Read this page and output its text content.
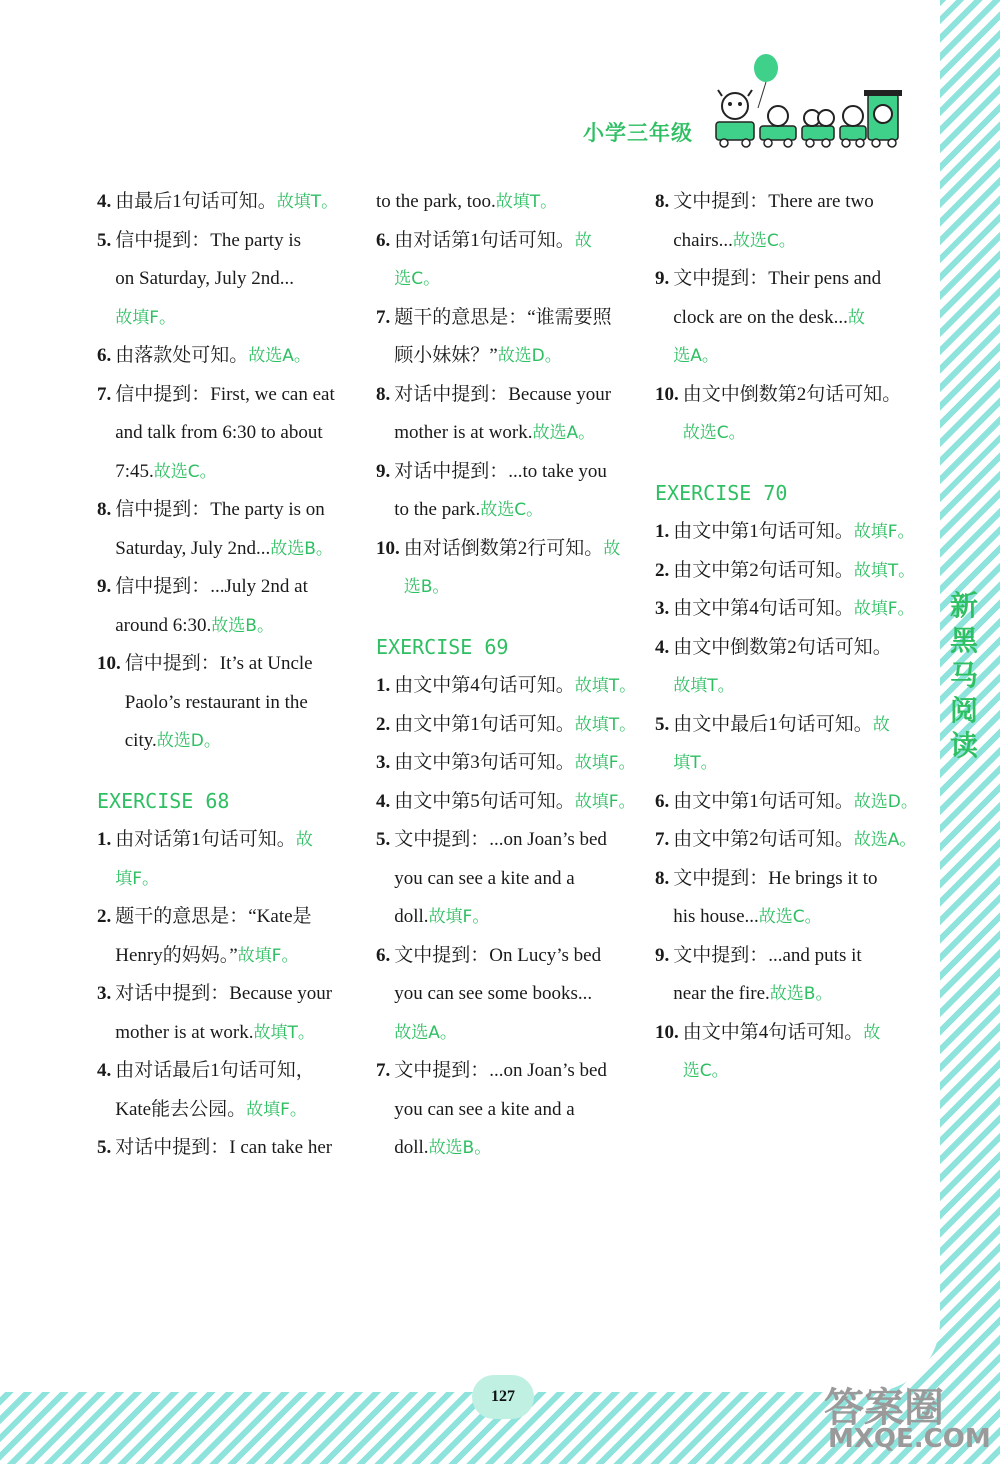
小学三年级
新
黑
马
阅
读
4. 由最后1句话可知。故填T。
5. 信中提到：The party is
on Saturday, July 2nd...
故填F。
6. 由落款处可知。故选A。
7. 信中提到：First, we can eat
and talk from 6:30 to about
7:45.故选C。
8. 信中提到：The party is on
Saturday, July 2nd...故选B。
9. 信中提到：...July 2nd at
around 6:30.故选B。
10. 信中提到：It’s at Uncle
Paolo’s restaurant in the
city.故选D。
EXERCISE 68
1. 由对话第1句话可知。故
填F。
2. 题干的意思是：“Kate是
Henry的妈妈。”故填F。
3. 对话中提到：Because your
mother is at work.故填T。
4. 由对话最后1句话可知，
Kate能去公园。故填F。
5. 对话中提到：I can take her
to the park, too.故填T。
6. 由对话第1句话可知。故
选C。
7. 题干的意思是：“谁需要照
顾小妹妹？”故选D。
8. 对话中提到：Because your
mother is at work.故选A。
9. 对话中提到：...to take you
to the park.故选C。
10. 由对话倒数第2行可知。故
选B。
EXERCISE 69
1. 由文中第4句话可知。故填T。
2. 由文中第1句话可知。故填T。
3. 由文中第3句话可知。故填F。
4. 由文中第5句话可知。故填F。
5. 文中提到：...on Joan’s bed
you can see a kite and a
doll.故填F。
6. 文中提到：On Lucy’s bed
you can see some books...
故选A。
7. 文中提到：...on Joan’s bed
you can see a kite and a
doll.故选B。
8. 文中提到：There are two
chairs...故选C。
9. 文中提到：Their pens and
clock are on the desk...故
选A。
10. 由文中倒数第2句话可知。
故选C。
EXERCISE 70
1. 由文中第1句话可知。故填F。
2. 由文中第2句话可知。故填T。
3. 由文中第4句话可知。故填F。
4. 由文中倒数第2句话可知。
故填T。
5. 由文中最后1句话可知。故
填T。
6. 由文中第1句话可知。故选D。
7. 由文中第2句话可知。故选A。
8. 文中提到：He brings it to
his house...故选C。
9. 文中提到：...and puts it
near the fire.故选B。
10. 由文中第4句话可知。故
选C。
127	答案圈
MXQE.COM
